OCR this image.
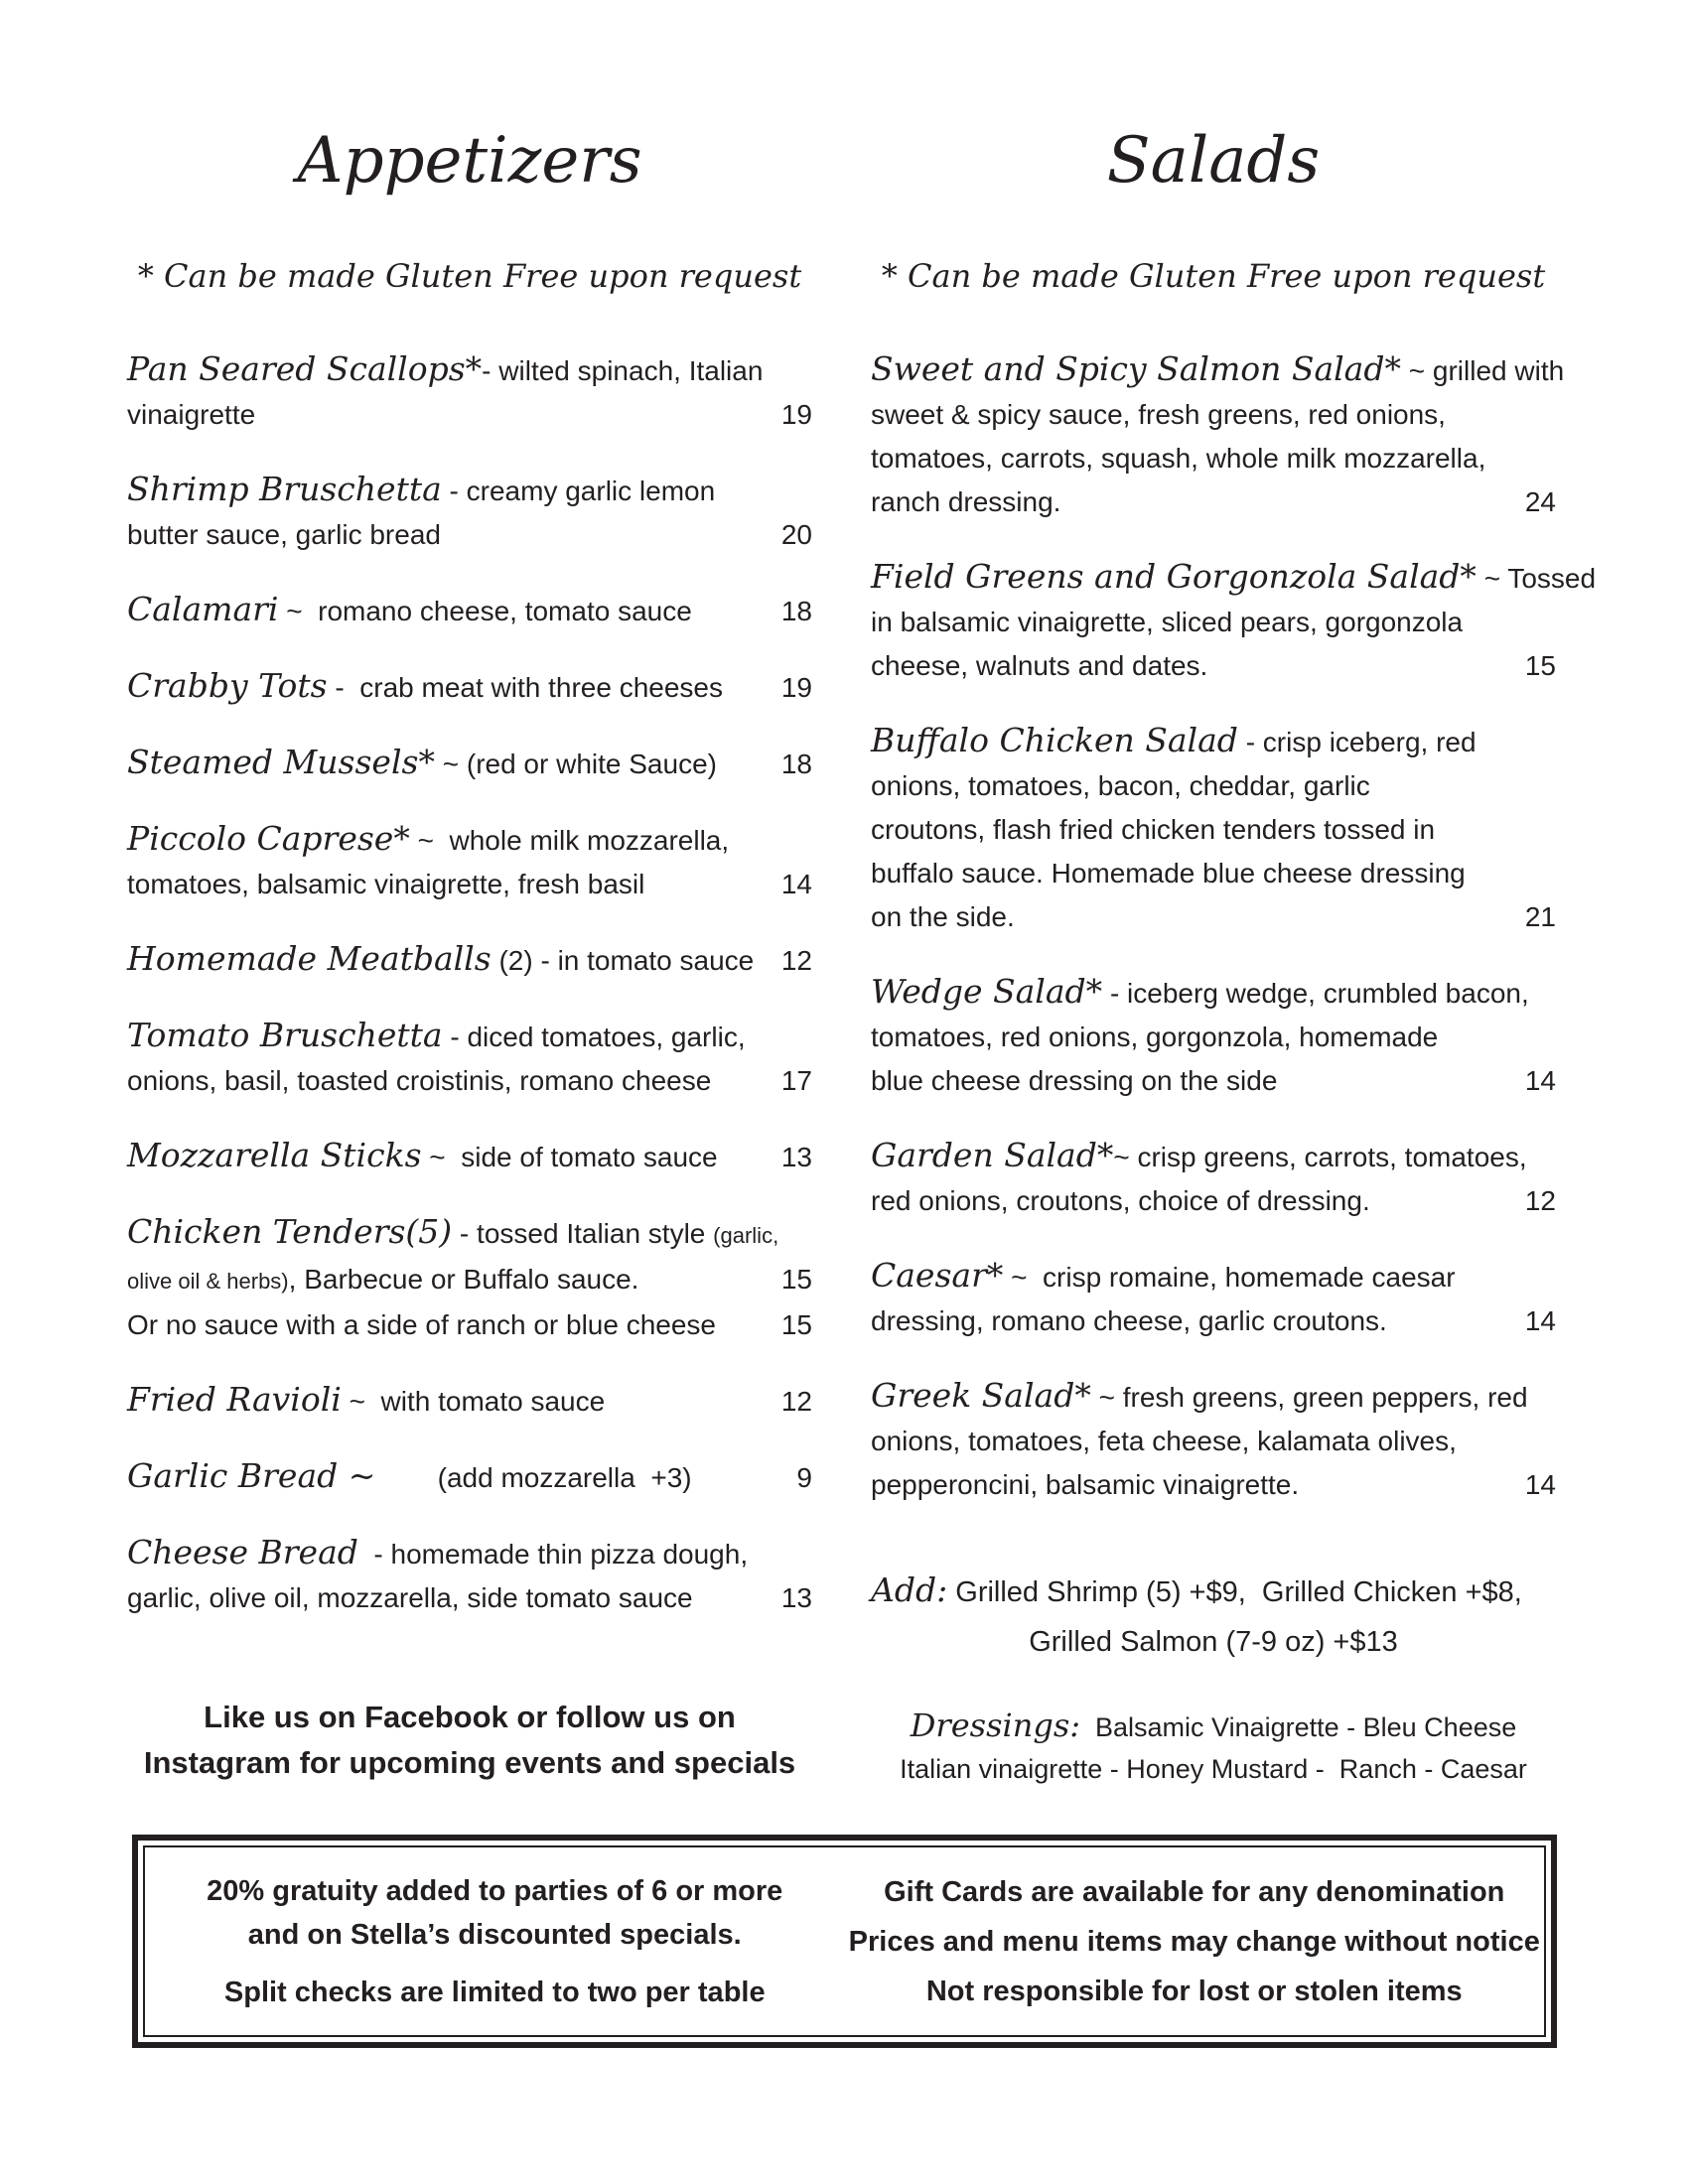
Appetizers
* Can be made Gluten Free upon request
Pan Seared Scallops* - wilted spinach, Italian
vinaigrette	19
Shrimp Bruschetta - creamy garlic lemon
butter sauce, garlic bread	20
Calamari ~  romano cheese, tomato sauce	18
Crabby Tots -  crab meat with three cheeses 19
Steamed Mussels* ~ (red or white Sauce) 18
Piccolo Caprese* ~  whole milk mozzarella,
tomatoes, balsamic vinaigrette, fresh basil	14
Homemade Meatballs (2) - in tomato sauce 12
Tomato Bruschetta - diced tomatoes, garlic,
onions, basil, toasted croistinis, romano cheese	17
Mozzarella Sticks ~  side of tomato sauce 13
Chicken Tenders(5) - tossed Italian style (garlic,
olive oil & herbs) , Barbecue or Buffalo sauce.	15
Or no sauce with a side of ranch or blue cheese 15
Fried Ravioli ~  with tomato sauce	12
Garlic Bread ~ (add mozzarella  +3)	9
Cheese Bread - homemade thin pizza dough,
garlic, olive oil, mozzarella, side tomato sauce	13
Like us on Facebook or follow us on
Instagram for upcoming events and specials
Salads
* Can be made Gluten Free upon request
Sweet and Spicy Salmon Salad* ~ grilled with
sweet & spicy sauce, fresh greens, red onions,
tomatoes, carrots, squash, whole milk mozzarella,
ranch dressing.	24
Field Greens and Gorgonzola Salad* ~ Tossed
in balsamic vinaigrette, sliced pears, gorgonzola
cheese, walnuts and dates.	15
Buffalo Chicken Salad - crisp iceberg, red
onions, tomatoes, bacon, cheddar, garlic
croutons, flash fried chicken tenders tossed in
buffalo sauce. Homemade blue cheese dressing
on the side.	21
Wedge Salad* - iceberg wedge, crumbled bacon,
tomatoes, red onions, gorgonzola, homemade
blue cheese dressing on the side	14
Garden Salad* ~ crisp greens, carrots, tomatoes,
red onions, croutons, choice of dressing.	12
Caesar* ~  crisp romaine, homemade caesar
dressing, romano cheese, garlic croutons.	14
Greek Salad* ~ fresh greens, green peppers, red
onions, tomatoes, feta cheese, kalamata olives,
pepperoncini, balsamic vinaigrette.	14
Add: Grilled Shrimp (5) +$9,  Grilled Chicken +$8,
Grilled Salmon (7-9 oz) +$13
Dressings:  Balsamic Vinaigrette - Bleu Cheese
Italian vinaigrette - Honey Mustard -  Ranch - Caesar
20% gratuity added to parties of 6 or more
and on Stella’s discounted specials.
Split checks are limited to two per table
Gift Cards are available for any denomination
Prices and menu items may change without notice
Not responsible for lost or stolen items
